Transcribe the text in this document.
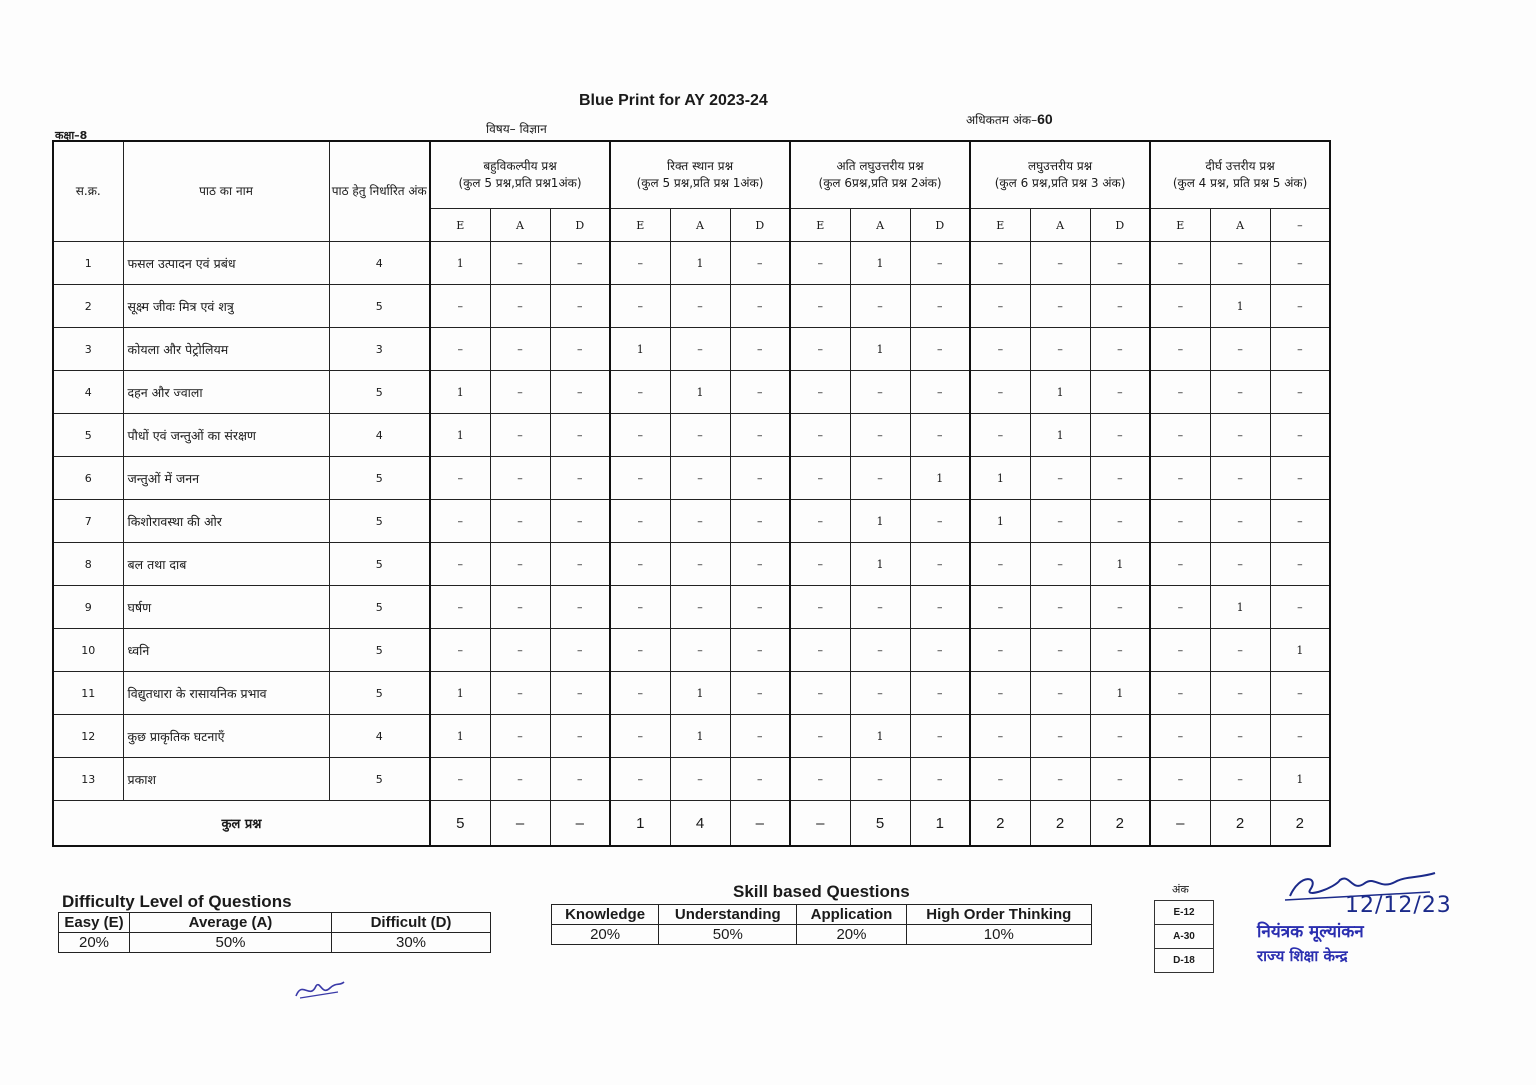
Blue Print for AY 2023-24
कक्षा–8	विषय– विज्ञान
अधिकतम अंक–60
स.क्र.	पाठ का नाम	पाठ हेतु निर्धारित अंक	
बहुविकल्पीय प्रश्न
(कुल 5 प्रश्न,प्रति प्रश्न1अंक)

रिक्त स्थान प्रश्न
(कुल 5 प्रश्न,प्रति प्रश्न 1अंक)

अति लघुउत्तरीय प्रश्न
(कुल 6प्रश्न,प्रति प्रश्न 2अंक)

लघुउत्तरीय प्रश्न
(कुल 6 प्रश्न,प्रति प्रश्न 3 अंक)

दीर्घ उत्तरीय प्रश्न
(कुल 4 प्रश्न, प्रति प्रश्न 5 अंक)

			E	A	D	E	A	D	E	A	D	E	A	D	E	A	–
1	फसल उत्पादन एवं प्रबंध	4	1	–	–	–	1	–	–	1	–	–	–	–	–	–	–
2	सूक्ष्म जीवः मित्र एवं शत्रु	5	–	–	–	–	–	–	–	–	–	–	–	–	–	1	–
3	कोयला और पेट्रोलियम	3	–	–	–	1	–	–	–	1	–	–	–	–	–	–	–
4	दहन और ज्वाला	5	1	–	–	–	1	–	–	–	–	–	1	–	–	–	–
5	पौधों एवं जन्तुओं का संरक्षण	4	1	–	–	–	–	–	–	–	–	–	1	–	–	–	–
6	जन्तुओं में जनन	5	–	–	–	–	–	–	–	–	1	1	–	–	–	–	–
7	किशोरावस्था की ओर	5	–	–	–	–	–	–	–	1	–	1	–	–	–	–	–
8	बल तथा दाब	5	–	–	–	–	–	–	–	1	–	–	–	1	–	–	–
9	घर्षण	5	–	–	–	–	–	–	–	–	–	–	–	–	–	1	–
10	ध्वनि	5	–	–	–	–	–	–	–	–	–	–	–	–	–	–	1
11	विद्युतधारा के रासायनिक प्रभाव	5	1	–	–	–	1	–	–	–	–	–	–	1	–	–	–
12	कुछ प्राकृतिक घटनाएँ	4	1	–	–	–	1	–	–	1	–	–	–	–	–	–	–
13	प्रकाश	5	–	–	–	–	–	–	–	–	–	–	–	–	–	–	1
कुल प्रश्न			5	–	–	1	4	–	–	5	1	2	2	2	–	2	2
Difficulty Level of Questions
Easy (E)	Average (A)	Difficult (D)
20%	50%	30%
Skill based Questions
Knowledge	Understanding	Application	High Order Thinking
20%	50%	20%	10%
अंक
E-12
A-30
D-18
12/12/23
नियंत्रक मूल्यांकन
राज्य शिक्षा केन्द्र
